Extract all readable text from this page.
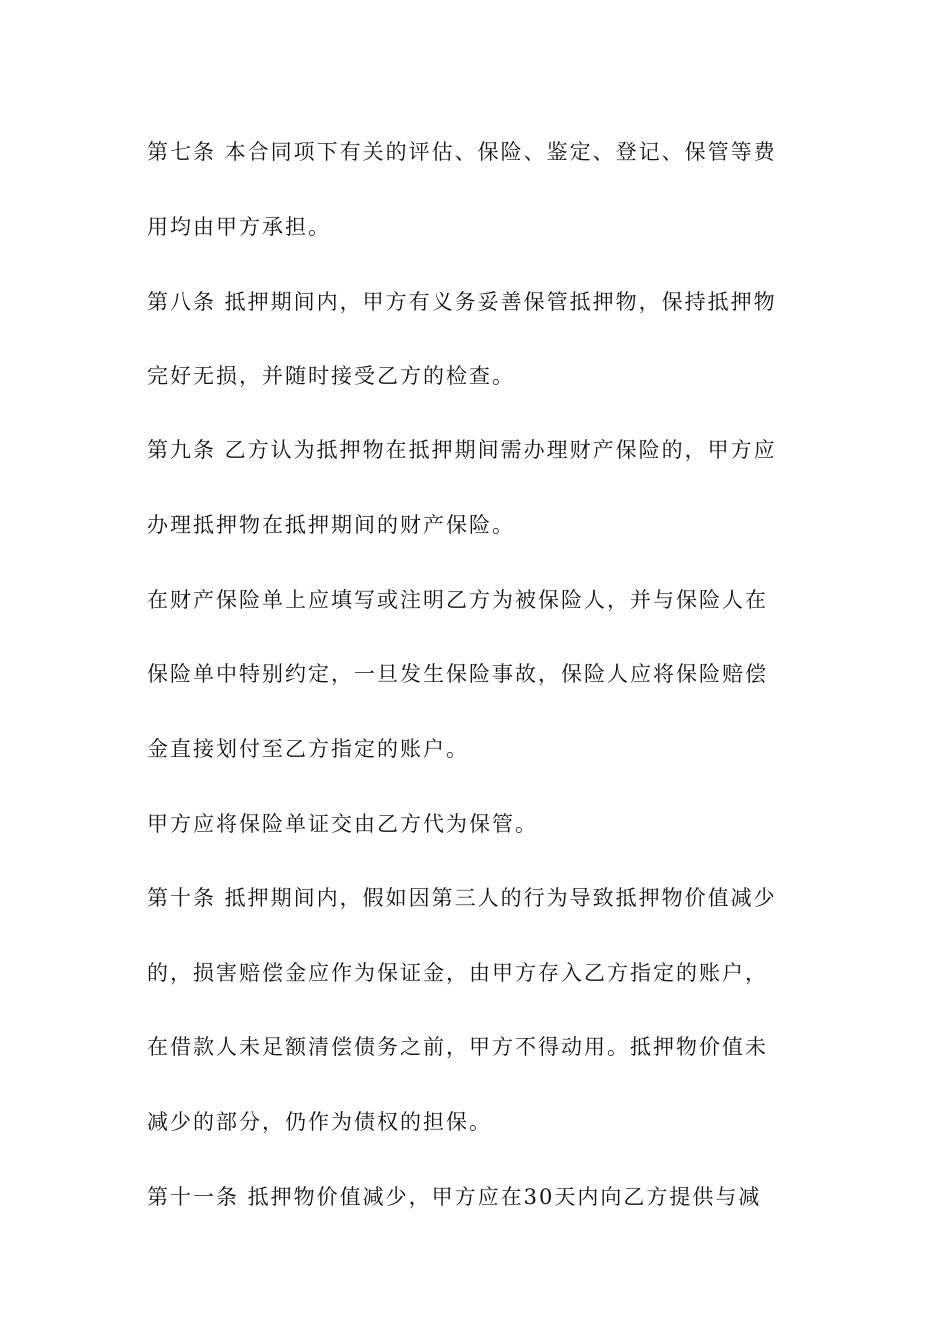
第七条 本合同项下有关的评估、保险、鉴定、登记、保管等费
用均由甲方承担。
第八条 抵押期间内，甲方有义务妥善保管抵押物，保持抵押物
完好无损，并随时接受乙方的检查。
第九条 乙方认为抵押物在抵押期间需办理财产保险的，甲方应
办理抵押物在抵押期间的财产保险。
在财产保险单上应填写或注明乙方为被保险人，并与保险人在
保险单中特别约定，一旦发生保险事故，保险人应将保险赔偿
金直接划付至乙方指定的账户。
甲方应将保险单证交由乙方代为保管。
第十条 抵押期间内，假如因第三人的行为导致抵押物价值减少
的，损害赔偿金应作为保证金，由甲方存入乙方指定的账户，
在借款人未足额清偿债务之前，甲方不得动用。抵押物价值未
减少的部分，仍作为债权的担保。
第十一条 抵押物价值减少，甲方应在30天内向乙方提供与减
